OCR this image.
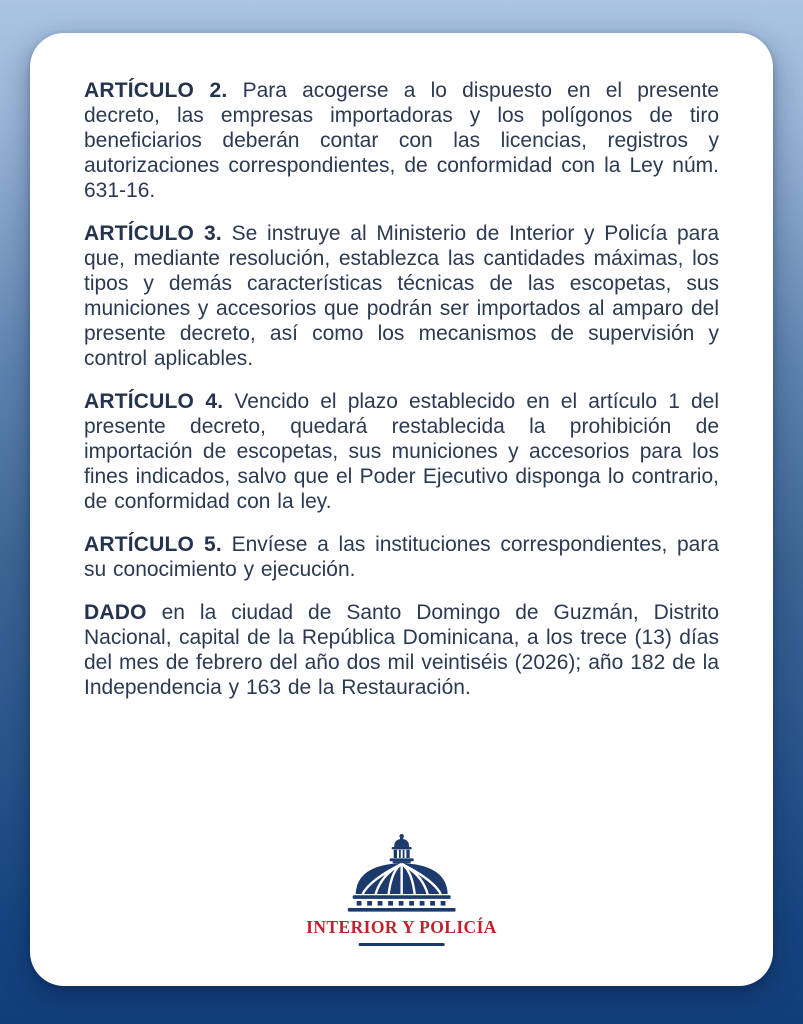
ARTÍCULO 2. Para acogerse a lo dispuesto en el presente decreto, las empresas importadoras y los polígonos de tiro beneficiarios deberán contar con las licencias, registros y autorizaciones correspondientes, de conformidad con la Ley núm. 631-16.

ARTÍCULO 3. Se instruye al Ministerio de Interior y Policía para que, mediante resolución, establezca las cantidades máximas, los tipos y demás características técnicas de las escopetas, sus municiones y accesorios que podrán ser importados al amparo del presente decreto, así como los mecanismos de supervisión y control aplicables.

ARTÍCULO 4. Vencido el plazo establecido en el artículo 1 del presente decreto, quedará restablecida la prohibición de importación de escopetas, sus municiones y accesorios para los fines indicados, salvo que el Poder Ejecutivo disponga lo contrario, de conformidad con la ley.

ARTÍCULO 5. Envíese a las instituciones correspondientes, para su conocimiento y ejecución.

DADO en la ciudad de Santo Domingo de Guzmán, Distrito Nacional, capital de la República Dominicana, a los trece (13) días del mes de febrero del año dos mil veintiséis (2026); año 182 de la Independencia y 163 de la Restauración.

INTERIOR Y POLICÍA
